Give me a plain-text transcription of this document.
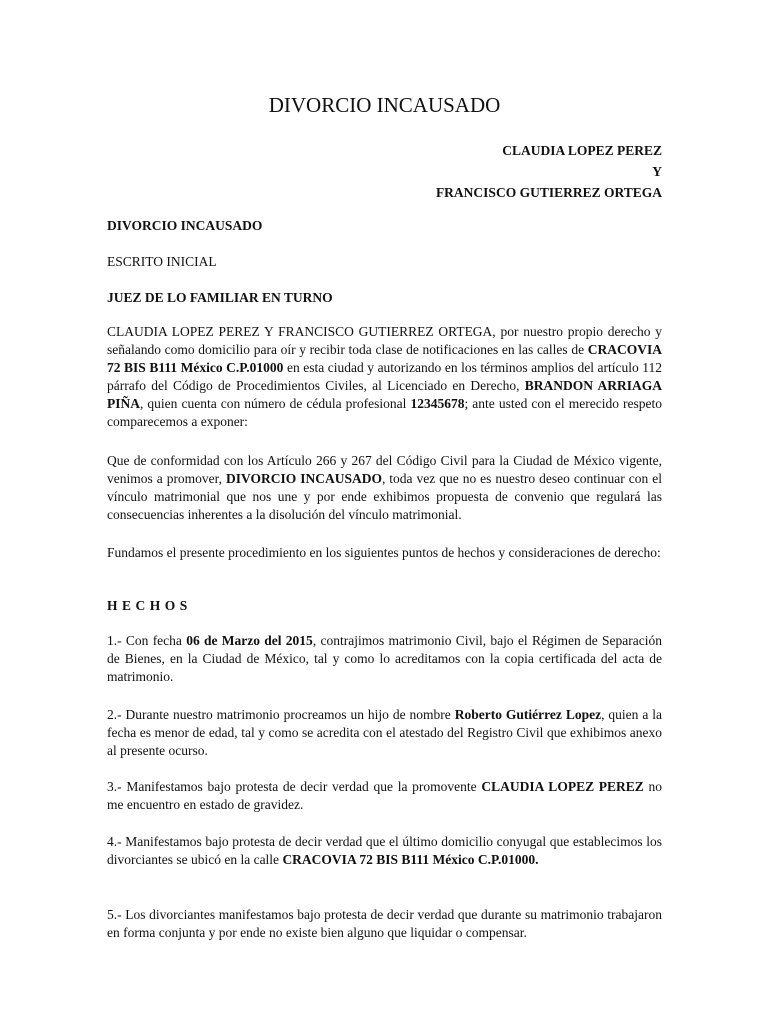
DIVORCIO INCAUSADO
CLAUDIA LOPEZ PEREZ
Y
FRANCISCO GUTIERREZ ORTEGA

DIVORCIO INCAUSADO

ESCRITO INICIAL

JUEZ DE LO FAMILIAR EN TURNO

CLAUDIA LOPEZ PEREZ Y FRANCISCO GUTIERREZ ORTEGA, por nuestro propio derecho y señalando como domicilio para oír y recibir toda clase de notificaciones en las calles de CRACOVIA 72 BIS B111 México C.P.01000 en esta ciudad y autorizando en los términos amplios del artículo 112 párrafo del Código de Procedimientos Civiles, al Licenciado en Derecho, BRANDON ARRIAGA PIÑA, quien cuenta con número de cédula profesional 12345678; ante usted con el merecido respeto comparecemos a exponer:

Que de conformidad con los Artículo 266 y 267 del Código Civil para la Ciudad de México vigente, venimos a promover, DIVORCIO INCAUSADO, toda vez que no es nuestro deseo continuar con el vínculo matrimonial que nos une y por ende exhibimos propuesta de convenio que regulará las consecuencias inherentes a la disolución del vínculo matrimonial.

Fundamos el presente procedimiento en los siguientes puntos de hechos y consideraciones de derecho:

HECHOS

1.- Con fecha 06 de Marzo del 2015, contrajimos matrimonio Civil, bajo el Régimen de Separación de Bienes, en la Ciudad de México, tal y como lo acreditamos con la copia certificada del acta de matrimonio.

2.- Durante nuestro matrimonio procreamos un hijo de nombre Roberto Gutiérrez Lopez, quien a la fecha es menor de edad, tal y como se acredita con el atestado del Registro Civil que exhibimos anexo al presente ocurso.

3.- Manifestamos bajo protesta de decir verdad que la promovente CLAUDIA LOPEZ PEREZ no me encuentro en estado de gravidez.

4.- Manifestamos bajo protesta de decir verdad que el último domicilio conyugal que establecimos los divorciantes se ubicó en la calle CRACOVIA 72 BIS B111 México C.P.01000.

5.- Los divorciantes manifestamos bajo protesta de decir verdad que durante su matrimonio trabajaron en forma conjunta y por ende no existe bien alguno que liquidar o compensar.
